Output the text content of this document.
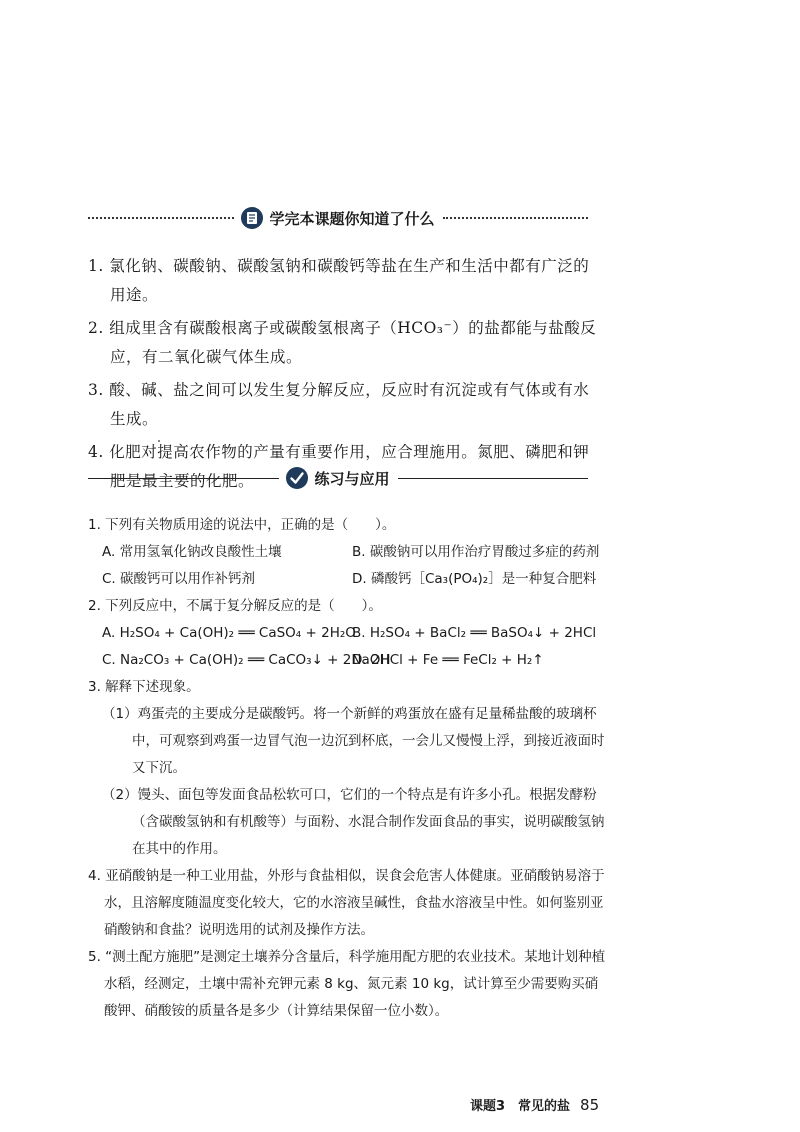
学完本课题你知道了什么
1. 氯化钠、碳酸钠、碳酸氢钠和碳酸钙等盐在生产和生活中都有广泛的用途。
2. 组成里含有碳酸根离子或碳酸氢根离子（HCO₃⁻）的盐都能与盐酸反应，有二氧化碳气体生成。
3. 酸、碱、盐之间可以发生复分解反应，反应时有沉淀或有气体或有水生成。
4. 化肥对提高农作物的产量有重要作用，应合理施用。氮肥、磷肥和钾肥是最主要的化肥。	练习与应用
1. 下列有关物质用途的说法中，正确的是（　　）。
A. 常用氢氧化钠改良酸性土壤	B. 碳酸钠可以用作治疗胃酸过多症的药剂
C. 碳酸钙可以用作补钙剂	D. 磷酸钙［Ca₃(PO₄)₂］是一种复合肥料
2. 下列反应中，不属于复分解反应的是（　　）。
A. H₂SO₄ + Ca(OH)₂ ══ CaSO₄ + 2H₂O
B. H₂SO₄ + BaCl₂ ══ BaSO₄↓ + 2HCl
C. Na₂CO₃ + Ca(OH)₂ ══ CaCO₃↓ + 2NaOH
D. 2HCl + Fe ══ FeCl₂ + H₂↑
3. 解释下述现象。
（1）鸡蛋壳的主要成分是碳酸钙。将一个新鲜的鸡蛋放在盛有足量稀盐酸的玻璃杯中，可观察到鸡蛋一边冒气泡一边沉到杯底，一会儿又慢慢上浮，到接近液面时又下沉。
（2）馒头、面包等发面食品松软可口，它们的一个特点是有许多小孔。根据发酵粉（含碳酸氢钠和有机酸等）与面粉、水混合制作发面食品的事实，说明碳酸氢钠在其中的作用。
4. 亚硝酸钠是一种工业用盐，外形与食盐相似，误食会危害人体健康。亚硝酸钠易溶于水，且溶解度随温度变化较大，它的水溶液呈碱性，食盐水溶液呈中性。如何鉴别亚硝酸钠和食盐？说明选用的试剂及操作方法。
5. “测土配方施肥”是测定土壤养分含量后，科学施用配方肥的农业技术。某地计划种植水稻，经测定，土壤中需补充钾元素 8 kg、氮元素 10 kg，试计算至少需要购买硝酸钾、硝酸铵的质量各是多少（计算结果保留一位小数）。
课题3　常见的盐 85
